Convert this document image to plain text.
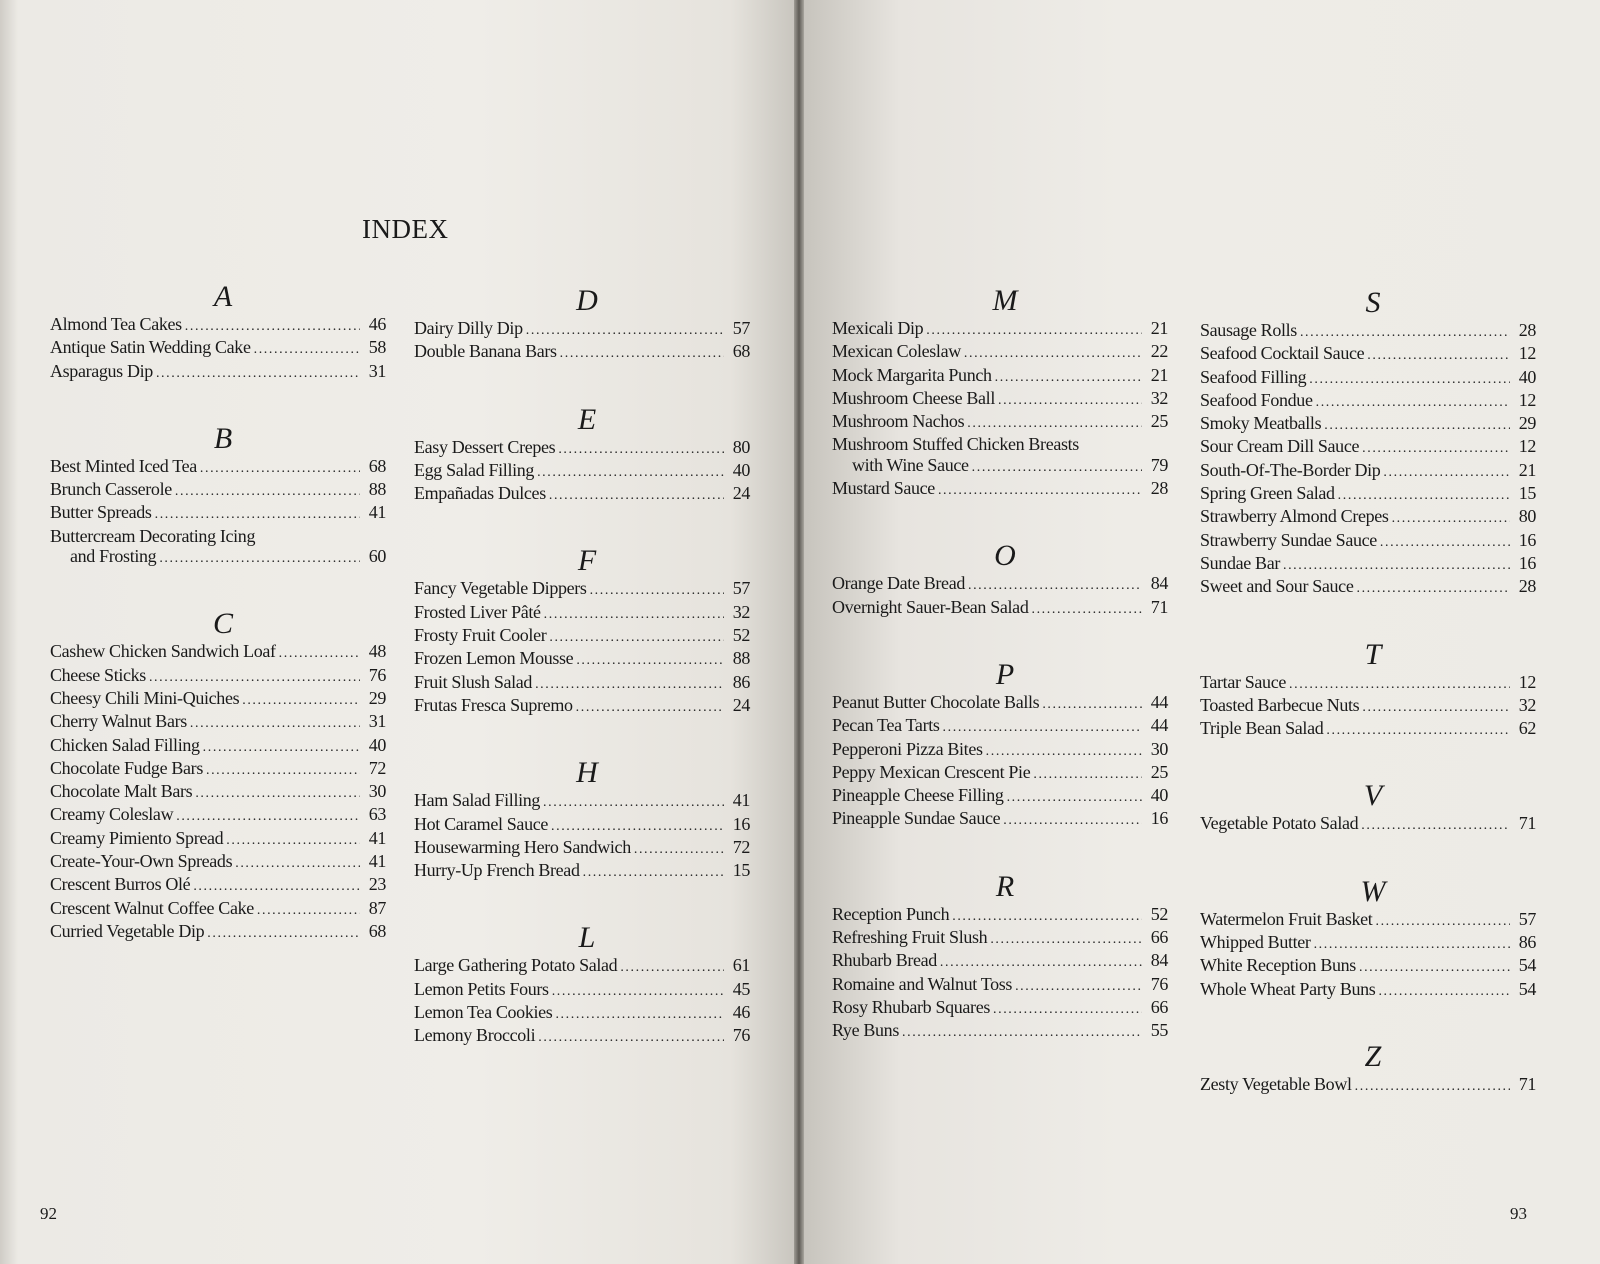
INDEX
A
Almond Tea Cakes .....	46
Antique Satin Wedding Cake .....	58
Asparagus Dip .....	31
B
Best Minted Iced Tea .....	68
Brunch Casserole .....	88
Butter Spreads .....	41
Buttercream Decorating Icing
and Frosting .....	60
C
Cashew Chicken Sandwich Loaf .....	48
Cheese Sticks .....	76
Cheesy Chili Mini-Quiches .....	29
Cherry Walnut Bars .....	31
Chicken Salad Filling .....	40
Chocolate Fudge Bars .....	72
Chocolate Malt Bars .....	30
Creamy Coleslaw .....	63
Creamy Pimiento Spread .....	41
Create-Your-Own Spreads .....	41
Crescent Burros Olé .....	23
Crescent Walnut Coffee Cake .....	87
Curried Vegetable Dip .....	68
D
Dairy Dilly Dip .....	57
Double Banana Bars .....	68
E
Easy Dessert Crepes .....	80
Egg Salad Filling .....	40
Empañadas Dulces .....	24
F
Fancy Vegetable Dippers .....	57
Frosted Liver Pâté .....	32
Frosty Fruit Cooler .....	52
Frozen Lemon Mousse .....	88
Fruit Slush Salad .....	86
Frutas Fresca Supremo .....	24
H
Ham Salad Filling .....	41
Hot Caramel Sauce .....	16
Housewarming Hero Sandwich .....	72
Hurry-Up French Bread .....	15
L
Large Gathering Potato Salad .....	61
Lemon Petits Fours .....	45
Lemon Tea Cookies .....	46
Lemony Broccoli .....	76
92
M
Mexicali Dip .....	21
Mexican Coleslaw .....	22
Mock Margarita Punch .....	21
Mushroom Cheese Ball .....	32
Mushroom Nachos .....	25
Mushroom Stuffed Chicken Breasts
with Wine Sauce .....	79
Mustard Sauce .....	28
O
Orange Date Bread .....	84
Overnight Sauer-Bean Salad .....	71
P
Peanut Butter Chocolate Balls .....	44
Pecan Tea Tarts .....	44
Pepperoni Pizza Bites .....	30
Peppy Mexican Crescent Pie .....	25
Pineapple Cheese Filling .....	40
Pineapple Sundae Sauce .....	16
R
Reception Punch .....	52
Refreshing Fruit Slush .....	66
Rhubarb Bread .....	84
Romaine and Walnut Toss .....	76
Rosy Rhubarb Squares .....	66
Rye Buns .....	55
S
Sausage Rolls .....	28
Seafood Cocktail Sauce .....	12
Seafood Filling .....	40
Seafood Fondue .....	12
Smoky Meatballs .....	29
Sour Cream Dill Sauce .....	12
South-Of-The-Border Dip .....	21
Spring Green Salad .....	15
Strawberry Almond Crepes .....	80
Strawberry Sundae Sauce .....	16
Sundae Bar .....	16
Sweet and Sour Sauce .....	28
T
Tartar Sauce .....	12
Toasted Barbecue Nuts .....	32
Triple Bean Salad .....	62
V
Vegetable Potato Salad .....	71
W
Watermelon Fruit Basket .....	57
Whipped Butter .....	86
White Reception Buns .....	54
Whole Wheat Party Buns .....	54
Z
Zesty Vegetable Bowl .....	71
93
